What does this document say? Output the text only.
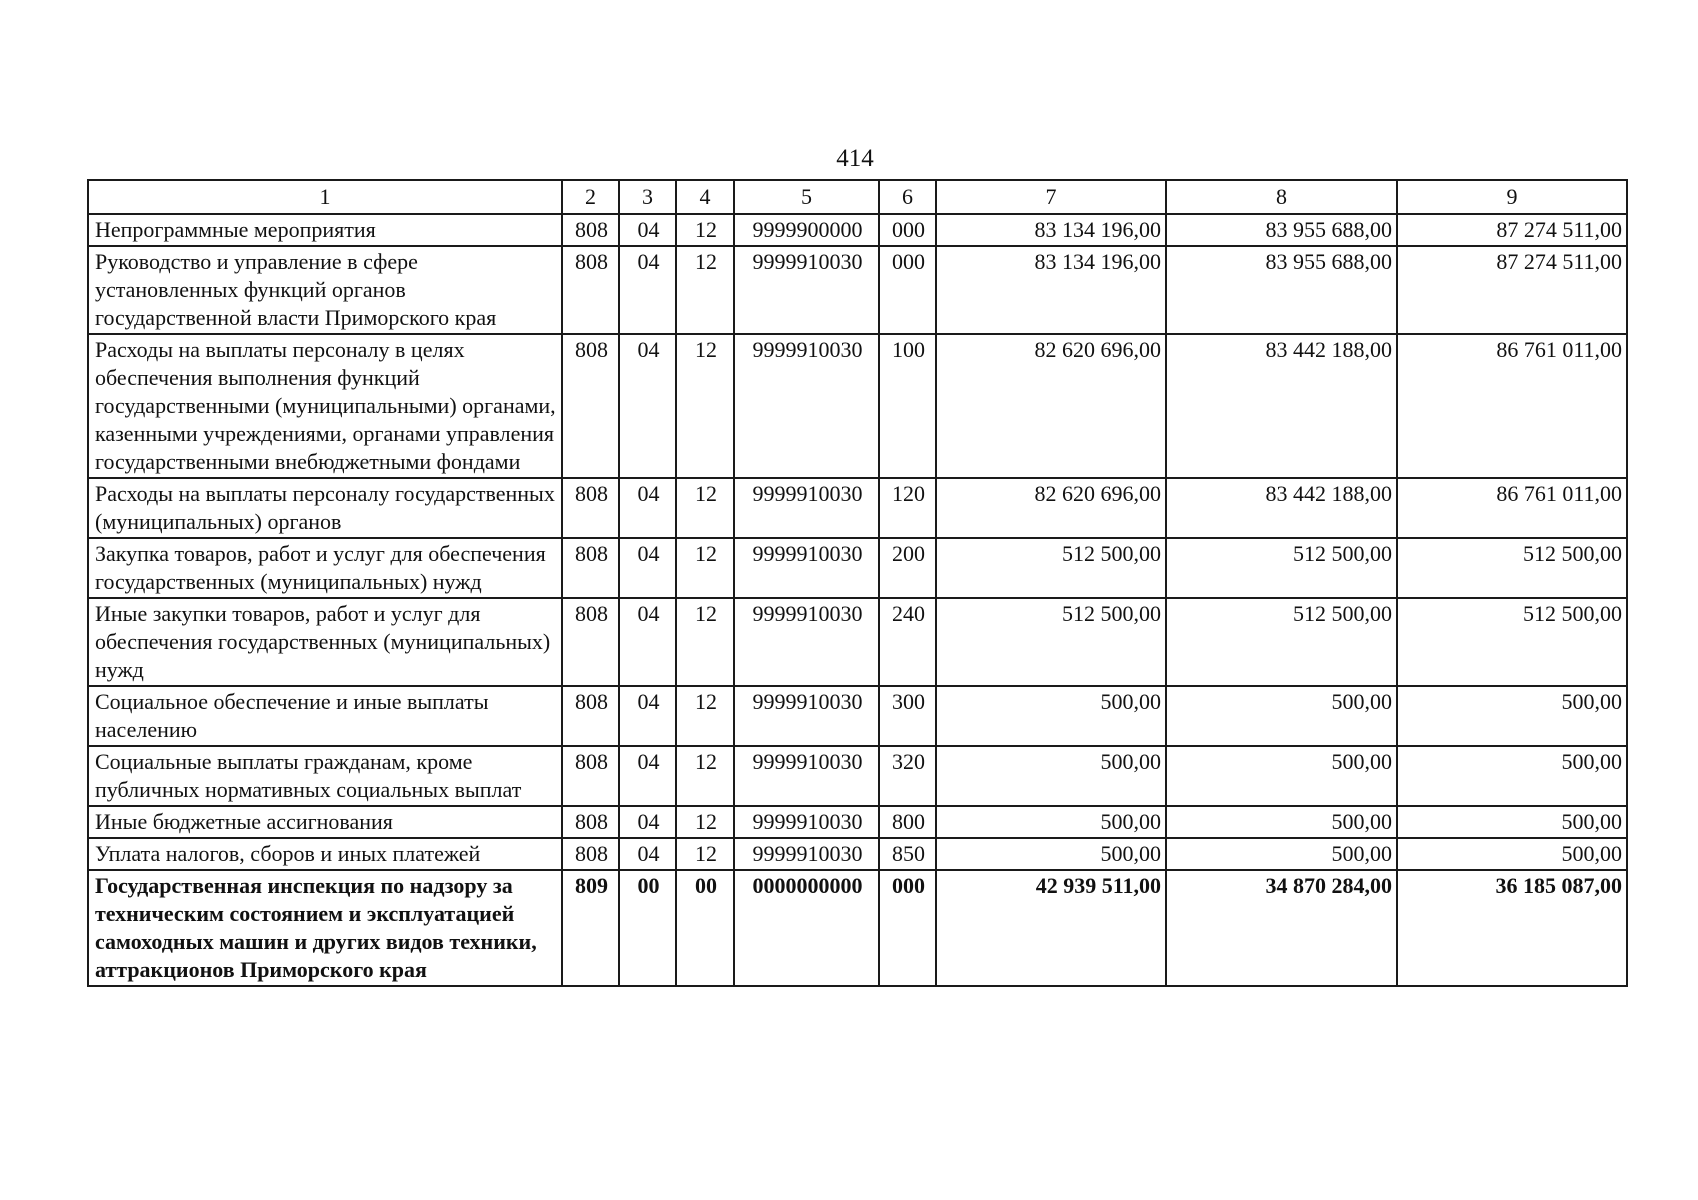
414
1	2	3	4	5	6	7	8	9
Непрограммные мероприятия	808	04	12	9999900000	000	83 134 196,00	83 955 688,00	87 274 511,00
Руководство и управление в сфере установленных функций органов государственной власти Приморского края	808	04	12	9999910030	000	83 134 196,00	83 955 688,00	87 274 511,00
Расходы на выплаты персоналу в целях обеспечения выполнения функций государственными (муниципальными) органами, казенными учреждениями, органами управления государственными внебюджетными фондами	808	04	12	9999910030	100	82 620 696,00	83 442 188,00	86 761 011,00
Расходы на выплаты персоналу государственных (муниципальных) органов	808	04	12	9999910030	120	82 620 696,00	83 442 188,00	86 761 011,00
Закупка товаров, работ и услуг для обеспечения государственных (муниципальных) нужд	808	04	12	9999910030	200	512 500,00	512 500,00	512 500,00
Иные закупки товаров, работ и услуг для обеспечения государственных (муниципальных) нужд	808	04	12	9999910030	240	512 500,00	512 500,00	512 500,00
Социальное обеспечение и иные выплаты населению	808	04	12	9999910030	300	500,00	500,00	500,00
Социальные выплаты гражданам, кроме публичных нормативных социальных выплат	808	04	12	9999910030	320	500,00	500,00	500,00
Иные бюджетные ассигнования	808	04	12	9999910030	800	500,00	500,00	500,00
Уплата налогов, сборов и иных платежей	808	04	12	9999910030	850	500,00	500,00	500,00
Государственная инспекция по надзору за техническим состоянием и эксплуатацией самоходных машин и других видов техники, аттракционов Приморского края	809	00	00	0000000000	000	42 939 511,00	34 870 284,00	36 185 087,00
